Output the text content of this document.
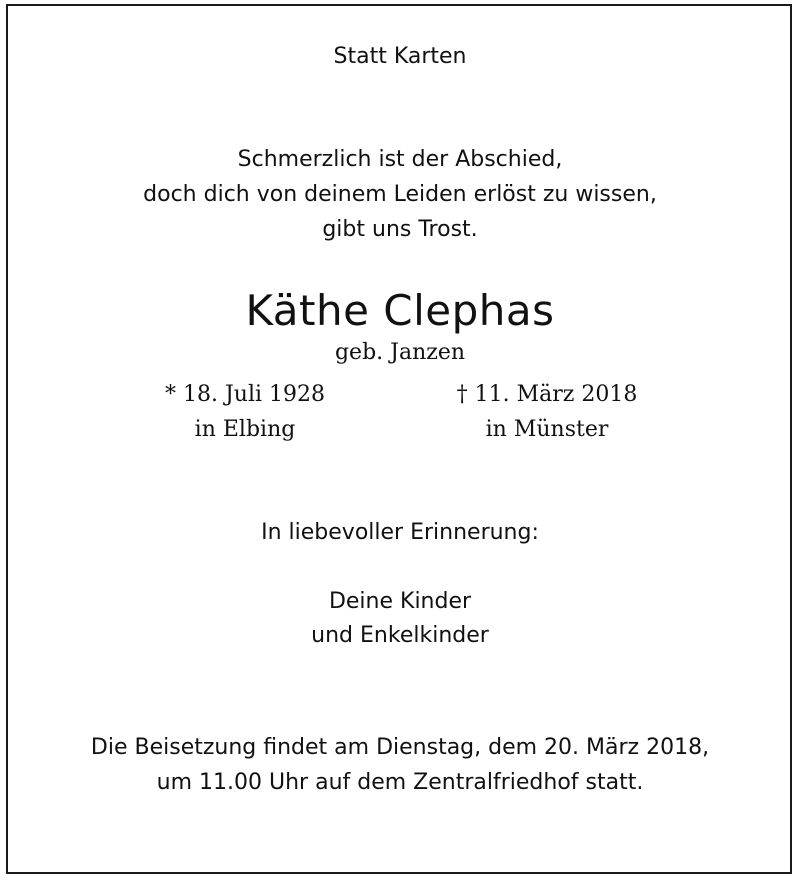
Statt Karten
Schmerzlich ist der Abschied,
doch dich von deinem Leiden erlöst zu wissen,
gibt uns Trost.
Käthe Clephas
geb. Janzen
* 18. Juli 1928	† 11. März 2018
in Elbing	in Münster
In liebevoller Erinnerung:
Deine Kinder
und Enkelkinder
Die Beisetzung findet am Dienstag, dem 20. März 2018,
um 11.00 Uhr auf dem Zentralfriedhof statt.
